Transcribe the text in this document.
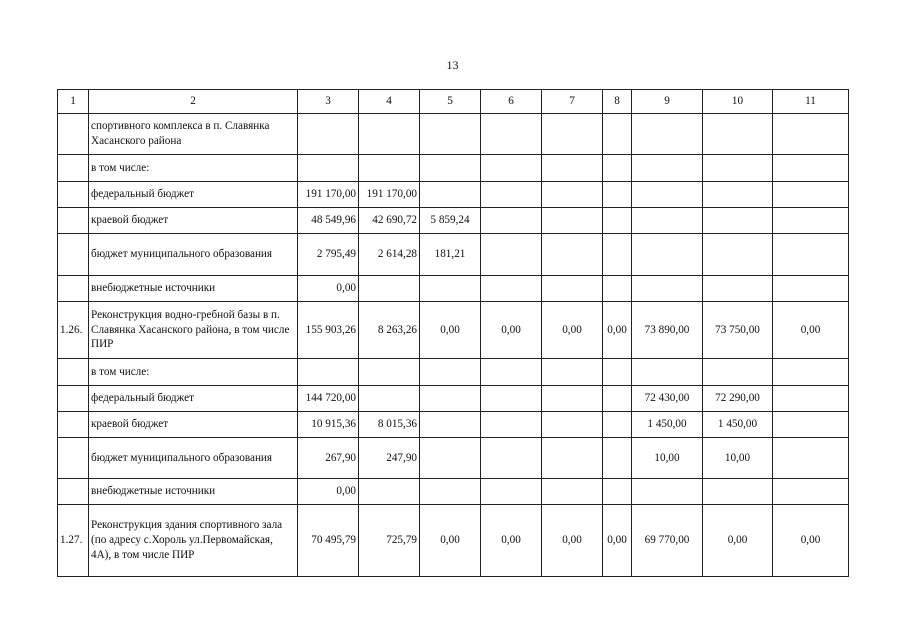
13
1	2	3	4	5	6	7	8	9	10	11
	спортивного комплекса в п. Славянка Хасанского района									
	в том числе:									
	федеральный бюджет	191 170,00	191 170,00							
	краевой бюджет	48 549,96	42 690,72	5 859,24						
	бюджет муниципального образования	2 795,49	2 614,28	181,21						
	внебюджетные источники	0,00								
1.26.	Реконструкция водно-гребной базы в п. Славянка Хасанского района, в том числе ПИР	155 903,26	8 263,26	0,00	0,00	0,00	0,00	73 890,00	73 750,00	0,00
	в том числе:									
	федеральный бюджет	144 720,00						72 430,00	72 290,00	
	краевой бюджет	10 915,36	8 015,36					1 450,00	1 450,00	
	бюджет муниципального образования	267,90	247,90					10,00	10,00	
	внебюджетные источники	0,00								
1.27.	Реконструкция здания спортивного зала (по адресу с.Хороль ул.Первомайская, 4А), в том числе ПИР	70 495,79	725,79	0,00	0,00	0,00	0,00	69 770,00	0,00	0,00
